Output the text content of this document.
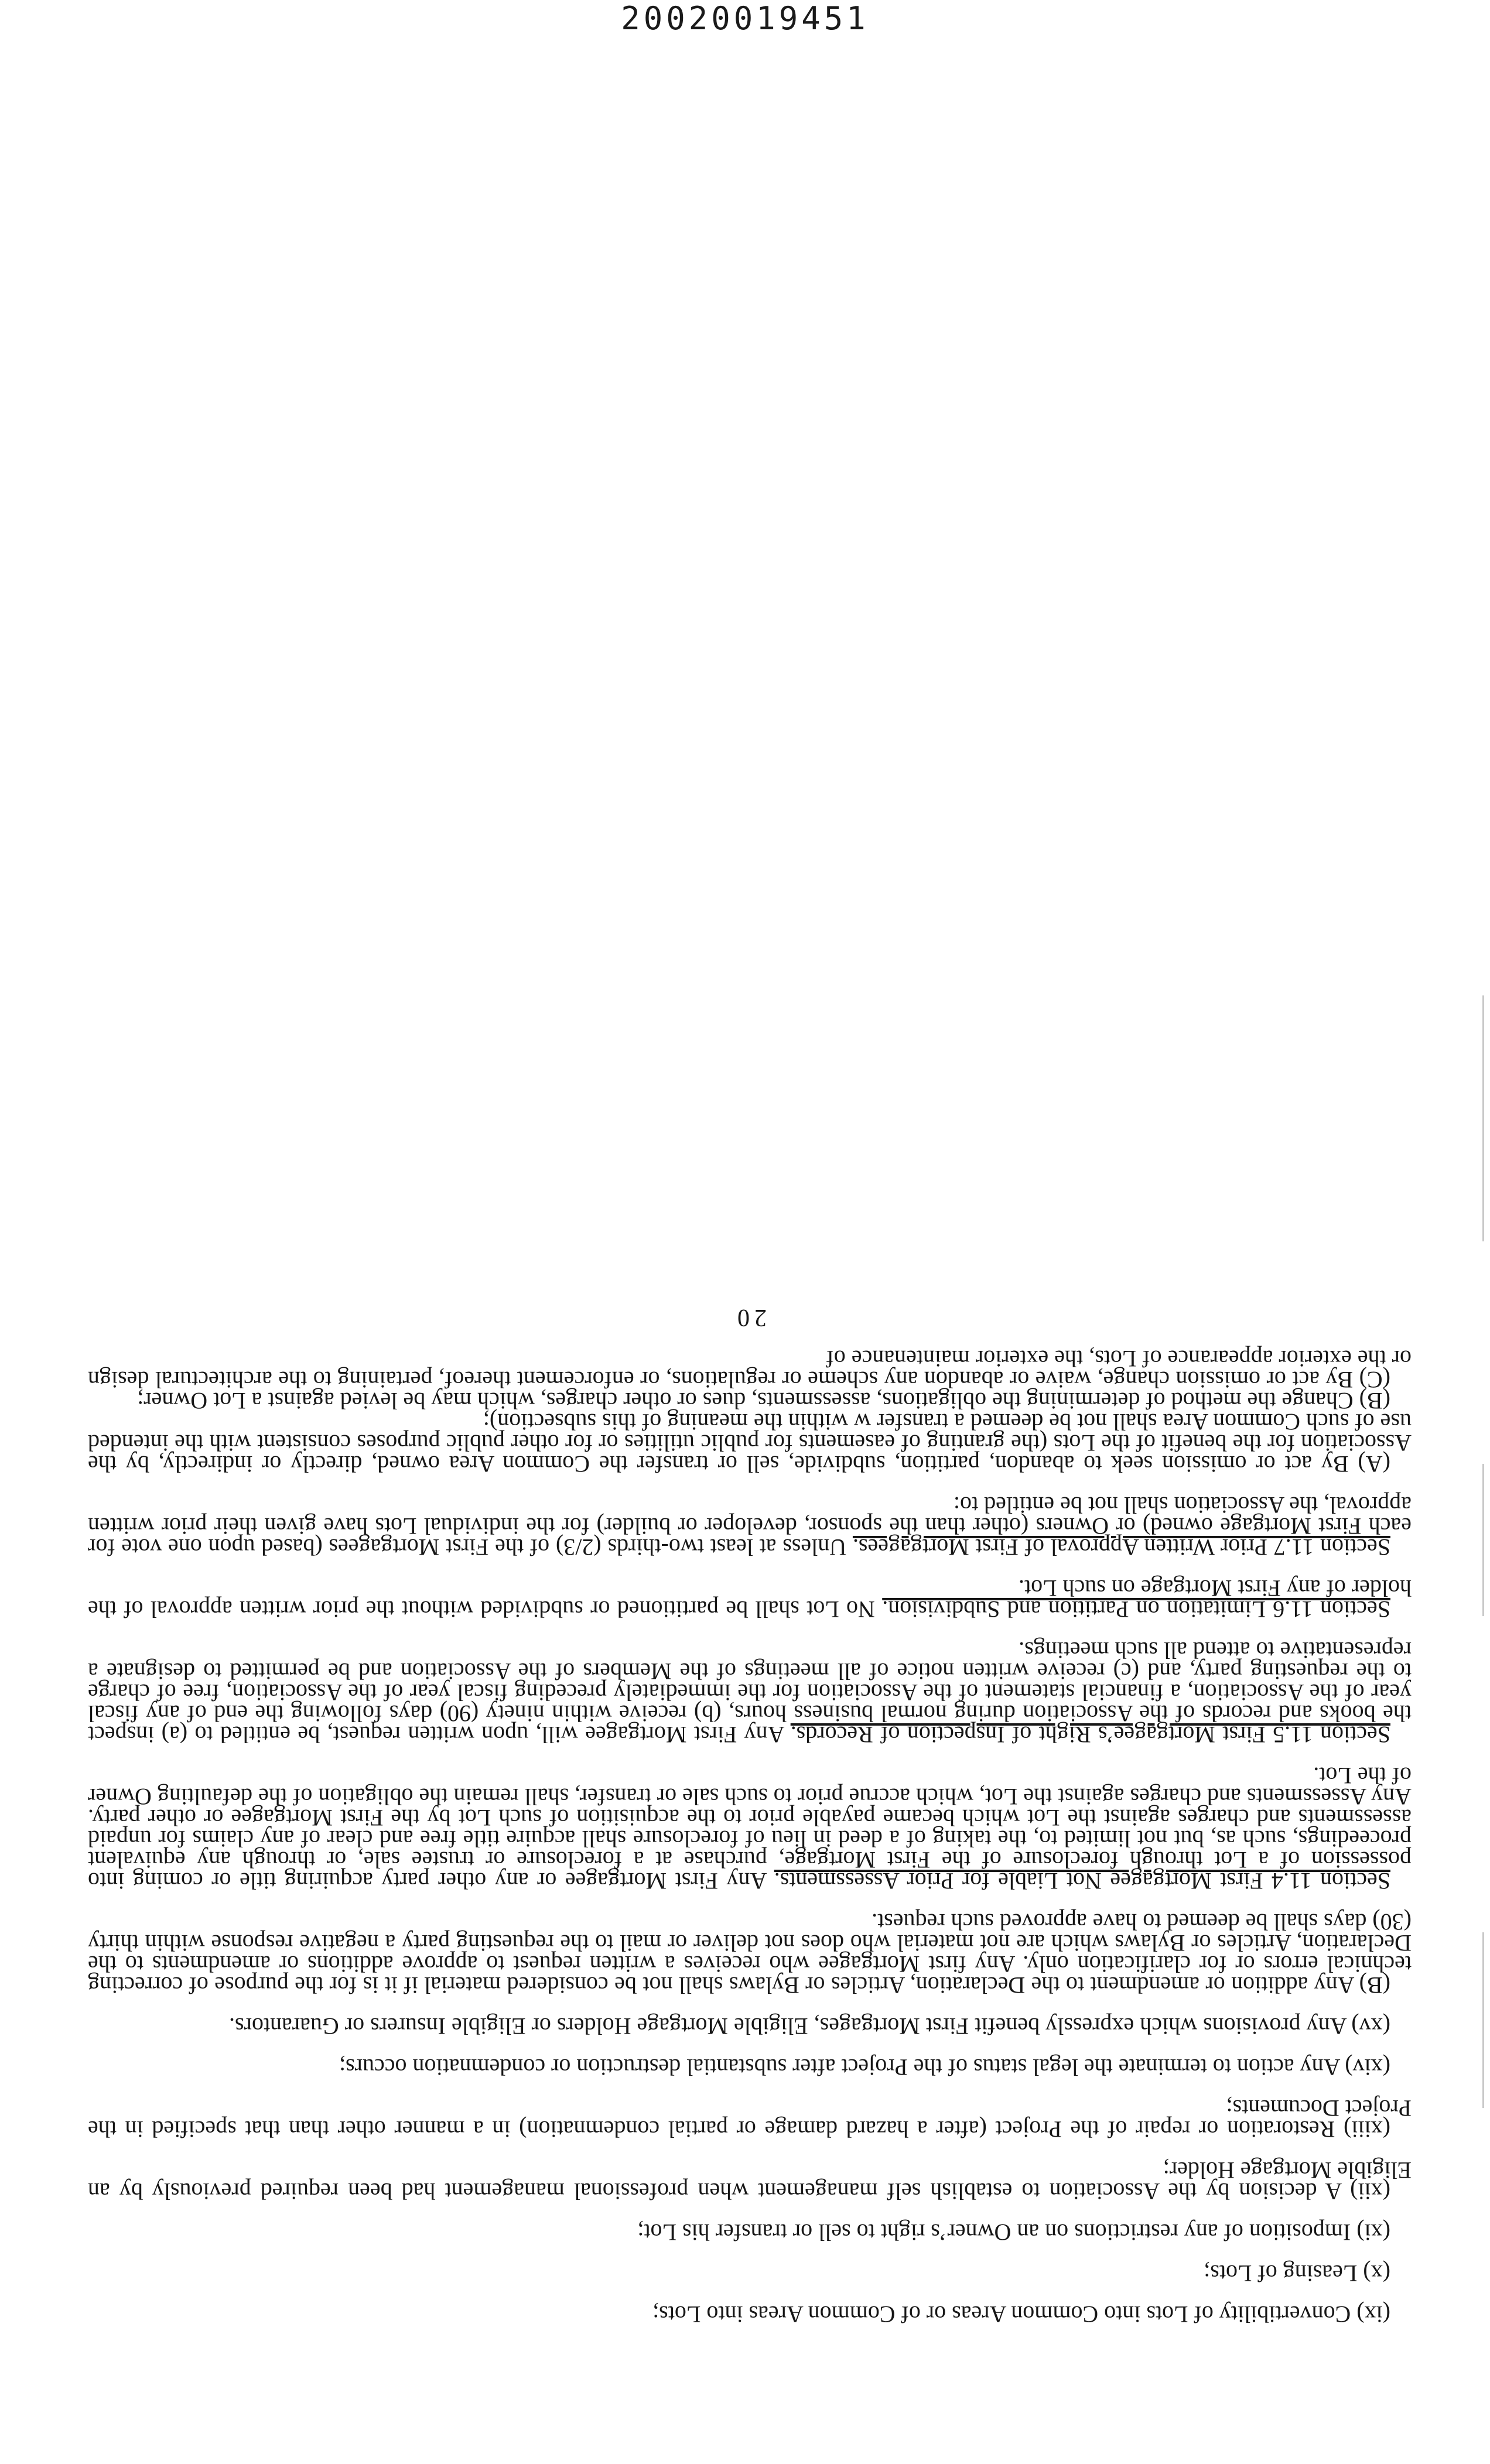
20020019451

(ix) Convertibility of Lots into Common Areas or of Common Areas into Lots;

(x) Leasing of Lots;

(xi) Imposition of any restrictions on an Owner’s right to sell or transfer his Lot;

(xii) A decision by the Association to establish self management when professional management had been required previously by an Eligible Mortgage Holder;

(xiii) Restoration or repair of the Project (after a hazard damage or partial condemnation) in a manner other than that specified in the Project Documents;

(xiv) Any action to terminate the legal status of the Project after substantial destruction or condemnation occurs;

(xv) Any provisions which expressly benefit First Mortgages, Eligible Mortgage Holders or Eligible Insurers or Guarantors.

(B) Any addition or amendment to the Declaration, Articles or Bylaws shall not be considered material if it is for the purpose of correcting technical errors or for clarification only. Any first Mortgagee who receives a written request to approve additions or amendments to the Declaration, Articles or Bylaws which are not material who does not deliver or mail to the requesting party a negative response within thirty (30) days shall be deemed to have approved such request.

Section 11.4 First Mortgagee Not Liable for Prior Assessments. Any First Mortgagee or any other party acquiring title or coming into possession of a Lot through foreclosure of the First Mortgage, purchase at a foreclosure or trustee sale, or through any equivalent proceedings, such as, but not limited to, the taking of a deed in lieu of foreclosure shall acquire title free and clear of any claims for unpaid assessments and charges against the Lot which became payable prior to the acquisition of such Lot by the First Mortgagee or other party. Any Assessments and charges against the Lot, which accrue prior to such sale or transfer, shall remain the obligation of the defaulting Owner of the Lot.

Section 11.5 First Mortgagee’s Right of Inspection of Records. Any First Mortgagee will, upon written request, be entitled to (a) inspect the books and records of the Association during normal business hours, (b) receive within ninety (90) days following the end of any fiscal year of the Association, a financial statement of the Association for the immediately preceding fiscal year of the Association, free of charge to the requesting party, and (c) receive written notice of all meetings of the Members of the Association and be permitted to designate a representative to attend all such meetings.

Section 11.6 Limitation on Partition and Subdivision. No Lot shall be partitioned or subdivided without the prior written approval of the holder of any First Mortgage on such Lot.

Section 11.7 Prior Written Approval of First Mortgagees. Unless at least two-thirds (2/3) of the First Mortgagees (based upon one vote for each First Mortgage owned) or Owners (other than the sponsor, developer or builder) for the individual Lots have given their prior written approval, the Association shall not be entitled to:

(A) By act or omission seek to abandon, partition, subdivide, sell or transfer the Common Area owned, directly or indirectly, by the Association for the benefit of the Lots (the granting of easements for public utilities or for other public purposes consistent with the intended use of such Common Area shall not be deemed a transfer w within the meaning of this subsection);

(B) Change the method of determining the obligations, assessments, dues or other charges, which may be levied against a Lot Owner;

(C) By act or omission change, waive or abandon any scheme or regulations, or enforcement thereof, pertaining to the architectural design or the exterior appearance of Lots, the exterior maintenance of

20
